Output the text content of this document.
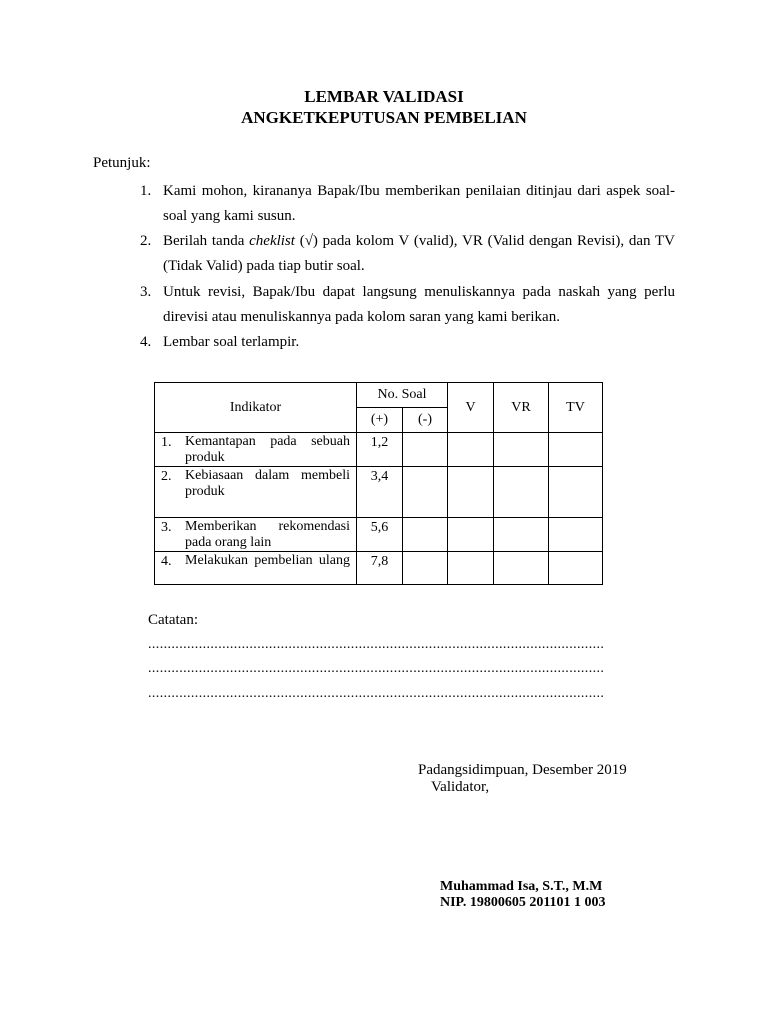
LEMBAR VALIDASI
ANGKETKEPUTUSAN PEMBELIAN
Petunjuk:
1. Kami mohon, kirananya Bapak/Ibu memberikan penilaian ditinjau dari aspek soal-soal yang kami susun.
2. Berilah tanda cheklist (√) pada kolom V (valid), VR (Valid dengan Revisi), dan TV (Tidak Valid) pada tiap butir soal.
3. Untuk revisi, Bapak/Ibu dapat langsung menuliskannya pada naskah yang perlu direvisi atau menuliskannya pada kolom saran yang kami berikan.
4. Lembar soal terlampir.
Indikator	No. Soal		V	VR	TV
	(+)	(-)			

1. Kemantapan pada sebuah produk	1,2				

2. Kebiasaan dalam membeli produk	3,4				

3. Memberikan rekomendasi pada orang lain	5,6				

4. Melakukan pembelian ulang	7,8				
Catatan:
.....................................................................................................................
.....................................................................................................................
.....................................................................................................................
Padangsidimpuan, Desember 2019
Validator,
Muhammad Isa, S.T., M.M
NIP. 19800605 201101 1 003
